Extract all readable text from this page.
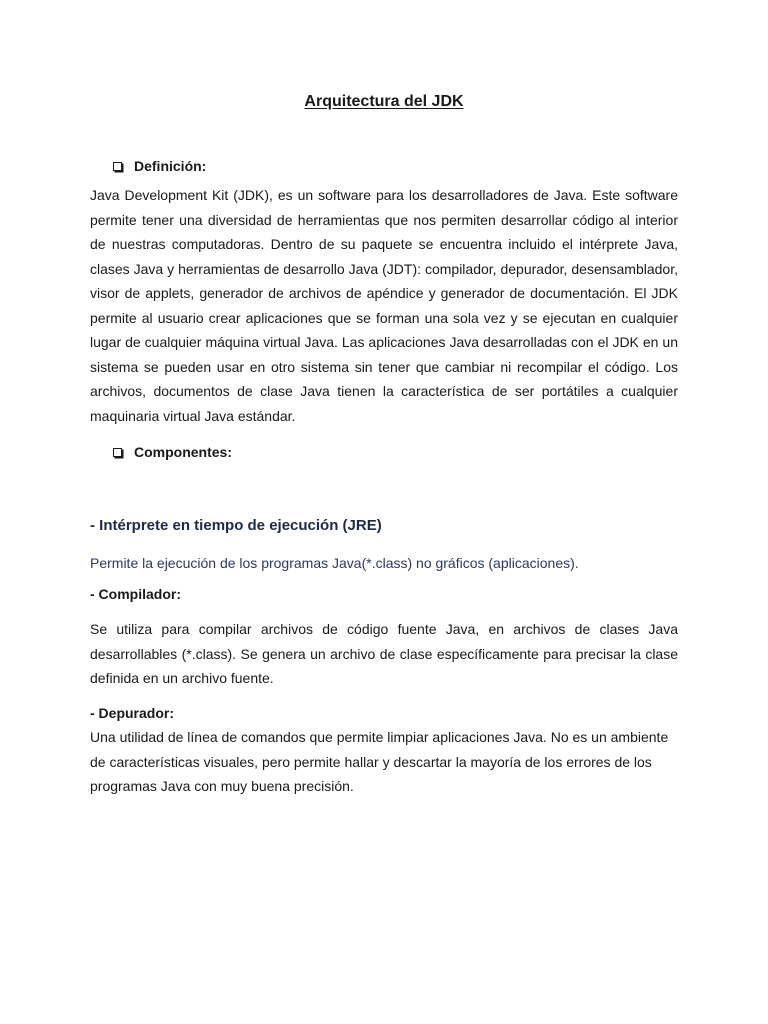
Arquitectura del JDK
Definición:
Java Development Kit (JDK), es un software para los desarrolladores de Java. Este software permite tener una diversidad de herramientas que nos permiten desarrollar código al interior de nuestras computadoras. Dentro de su paquete se encuentra incluido el intérprete Java, clases Java y herramientas de desarrollo Java (JDT): compilador, depurador, desensamblador, visor de applets, generador de archivos de apéndice y generador de documentación. El JDK permite al usuario crear aplicaciones que se forman una sola vez y se ejecutan en cualquier lugar de cualquier máquina virtual Java. Las aplicaciones Java desarrolladas con el JDK en un sistema se pueden usar en otro sistema sin tener que cambiar ni recompilar el código. Los archivos, documentos de clase Java tienen la característica de ser portátiles a cualquier maquinaria virtual Java estándar.
Componentes:
- Intérprete en tiempo de ejecución (JRE)
Permite la ejecución de los programas Java(*.class) no gráficos (aplicaciones).
- Compilador:
Se utiliza para compilar archivos de código fuente Java, en archivos de clases Java desarrollables (*.class). Se genera un archivo de clase específicamente para precisar la clase definida en un archivo fuente.
- Depurador:
Una utilidad de línea de comandos que permite limpiar aplicaciones Java. No es un ambiente de características visuales, pero permite hallar y descartar la mayoría de los errores de los programas Java con muy buena precisión.
